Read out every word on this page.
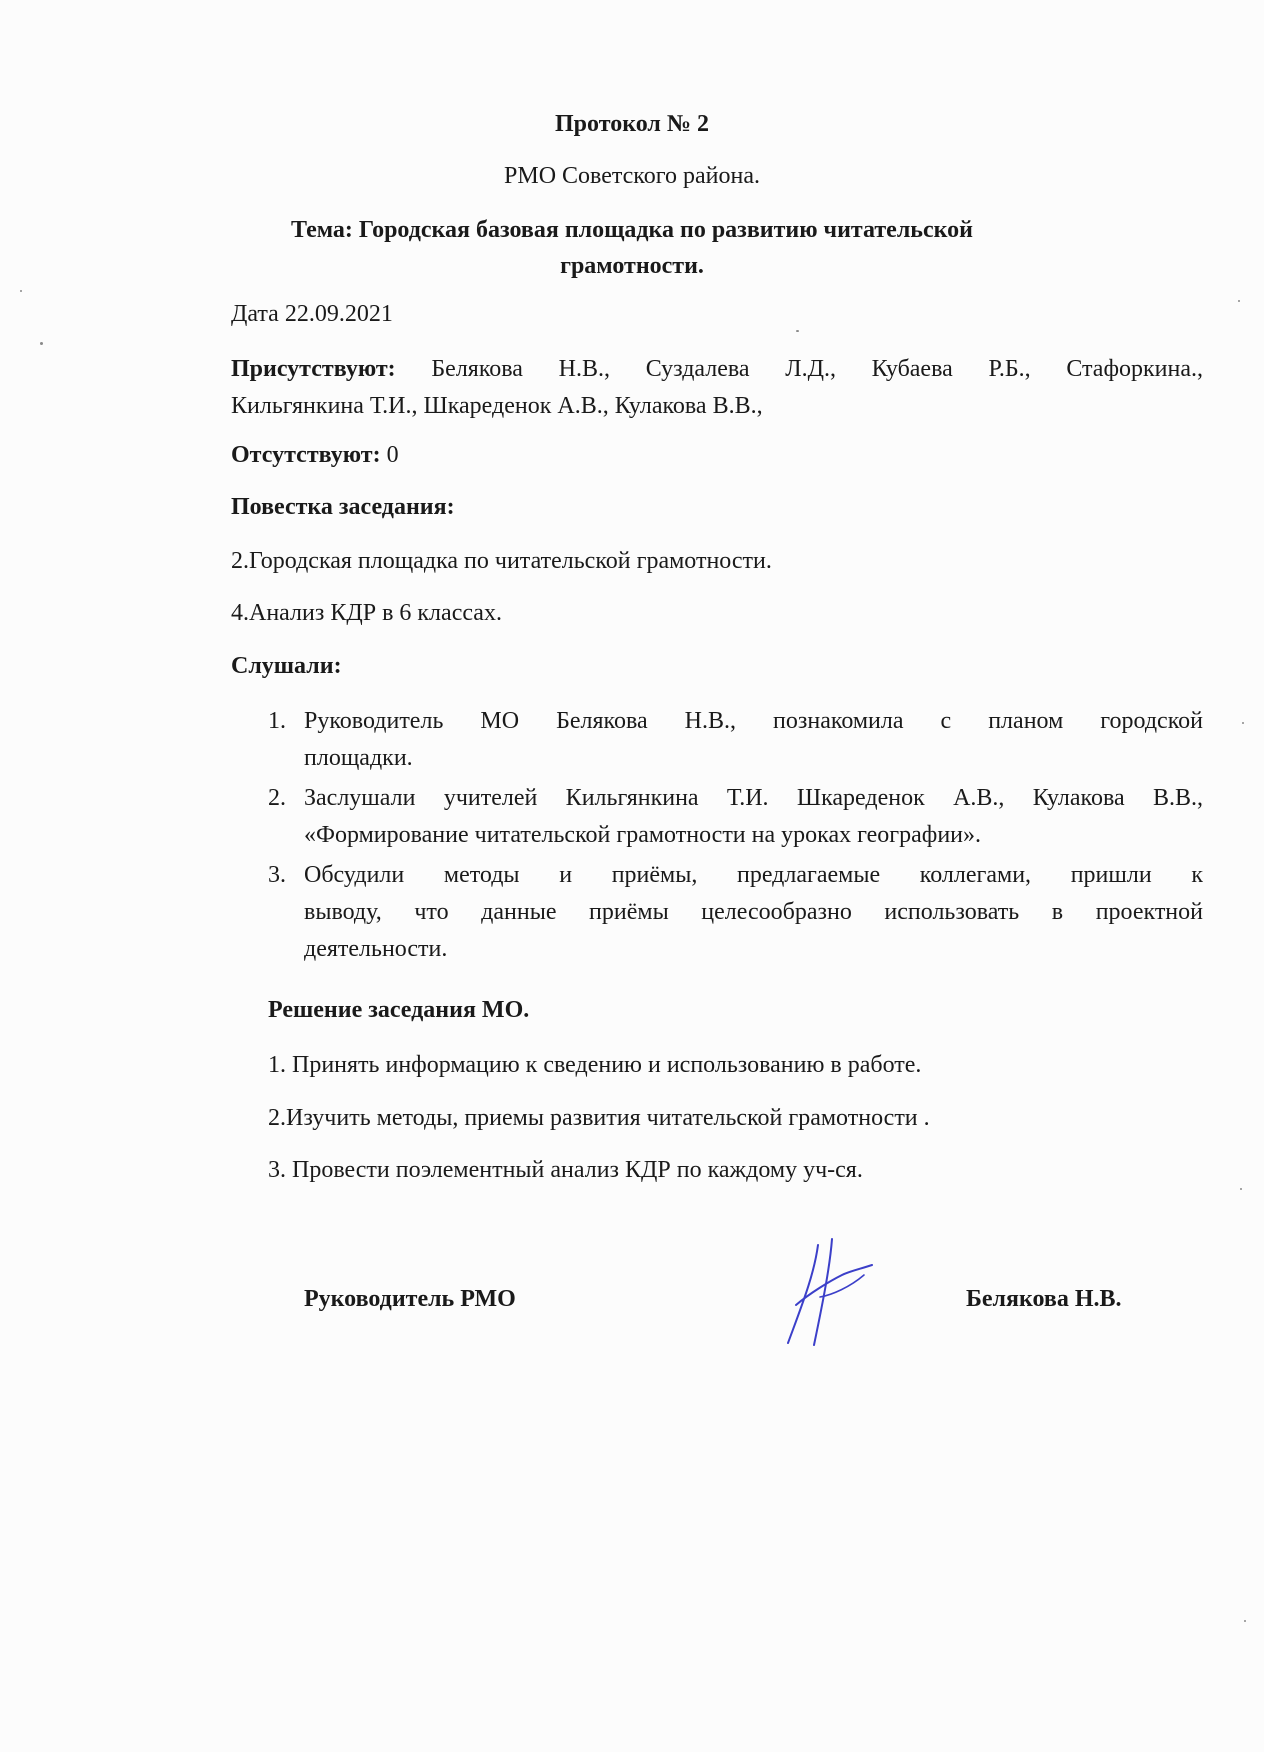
Протокол № 2
РМО Советского района.
Тема: Городская базовая площадка по развитию читательской
грамотности.
Дата 22.09.2021
Присутствуют: Белякова Н.В., Суздалева Л.Д., Кубаева Р.Б., Стафоркина.,
Кильгянкина Т.И., Шкареденок А.В., Кулакова В.В.,
Отсутствуют: 0
Повестка заседания:
2.Городская площадка по читательской грамотности.
4.Анализ КДР в 6 классах.
Слушали:
1. Руководитель МО Белякова Н.В., познакомила с планом городской
площадки.
2. Заслушали учителей Кильгянкина Т.И. Шкареденок А.В., Кулакова В.В.,
«Формирование читательской грамотности на уроках географии».
3. Обсудили методы и приёмы, предлагаемые коллегами, пришли к
выводу, что данные приёмы целесообразно использовать в проектной
деятельности.
Решение заседания МО.
1. Принять информацию к сведению и использованию в работе.
2.Изучить методы, приемы развития читательской грамотности .
3. Провести поэлементный анализ КДР по каждому уч-ся.
Руководитель РМО	Белякова Н.В.
